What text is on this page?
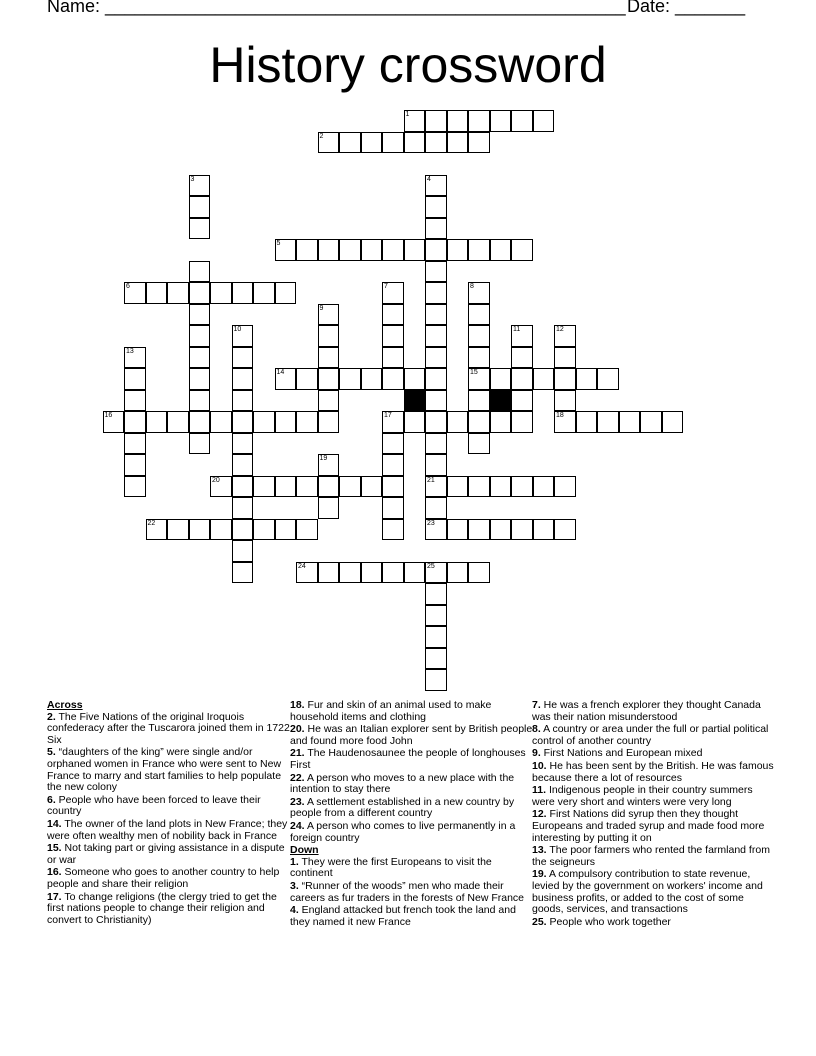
Name: ____________________________________________________ Date: _______
History crossword
1
2
3	4
5
6	7	8
9
10	11	12
13
14	15
16	17	18
19
20	21
22	23
24	25

Across

2. The Five Nations of the original Iroquois confederacy after the Tuscarora joined them in 1722 Six

5. “daughters of the king” were single and/or orphaned women in France who were sent to New France to marry and start families to help populate the new colony

6. People who have been forced to leave their country

14. The owner of the land plots in New France; they were often wealthy men of nobility back in France

15. Not taking part or giving assistance in a dispute or war

16. Someone who goes to another country to help people and share their religion

17. To change religions (the clergy tried to get the first nations people to change their religion and convert to Christianity)

18. Fur and skin of an animal used to make household items and clothing

20. He was an Italian explorer sent by British people and found more food John

21. The Haudenosaunee the people of longhouses First

22. A person who moves to a new place with the intention to stay there

23. A settlement established in a new country by people from a different country

24. A person who comes to live permanently in a foreign country

Down

1. They were the first Europeans to visit the continent

3. “Runner of the woods” men who made their careers as fur traders in the forests of New France

4. England attacked but french took the land and they named it new France

7. He was a french explorer they thought Canada was their nation misunderstood

8. A country or area under the full or partial political control of another country

9. First Nations and European mixed

10. He has been sent by the British. He was famous because there a lot of resources

11. Indigenous people in their country summers were very short and winters were very long

12. First Nations did syrup then they thought Europeans and traded syrup and made food more interesting by putting it on

13. The poor farmers who rented the farmland from the seigneurs

19. A compulsory contribution to state revenue, levied by the government on workers' income and business profits, or added to the cost of some goods, services, and transactions

25. People who work together
